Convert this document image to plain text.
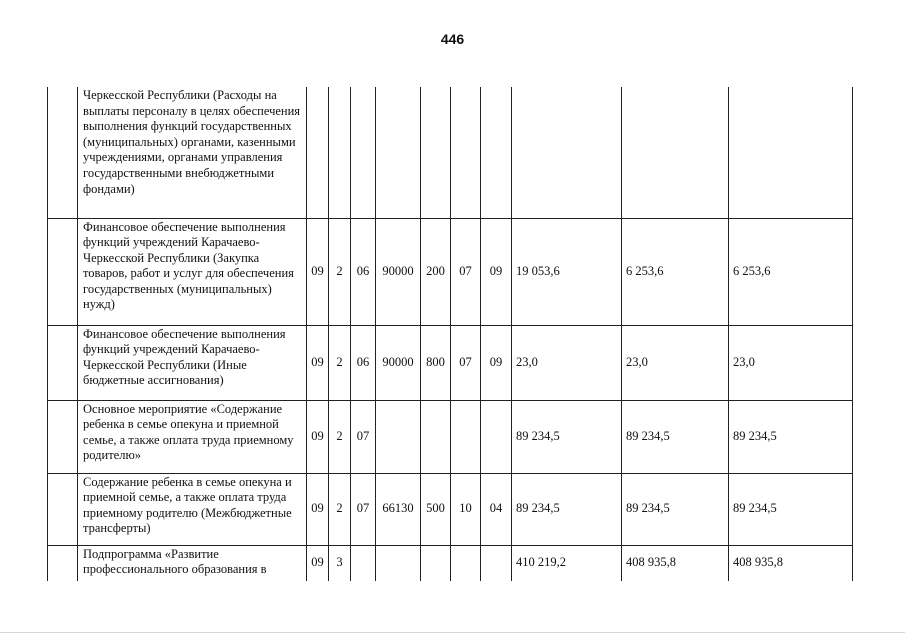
446
	Черкесской Республики (Расходы на выплаты персоналу в целях обеспечения выполнения функций государственных (муниципальных) органами, казенными учреждениями, органами управления государственными внебюджетными фондами)										
	Финансовое обеспечение выполнения функций учреждений Карачаево-Черкесской Республики (Закупка товаров, работ и услуг для обеспечения государственных (муниципальных) нужд)	09	2	06	90000	200	07	09	19 053,6	6 253,6	6 253,6
	Финансовое обеспечение выполнения функций учреждений Карачаево-Черкесской Республики (Иные бюджетные ассигнования)	09	2	06	90000	800	07	09	23,0	23,0	23,0
	Основное мероприятие «Содержание ребенка в семье опекуна и приемной семье, а также оплата труда приемному родителю»	09	2	07					89 234,5	89 234,5	89 234,5
	Содержание ребенка в семье опекуна и приемной семье, а также оплата труда приемному родителю (Межбюджетные трансферты)	09	2	07	66130	500	10	04	89 234,5	89 234,5	89 234,5
	Подпрограмма «Развитие профессионального образования в	09	3						410 219,2	408 935,8	408 935,8
